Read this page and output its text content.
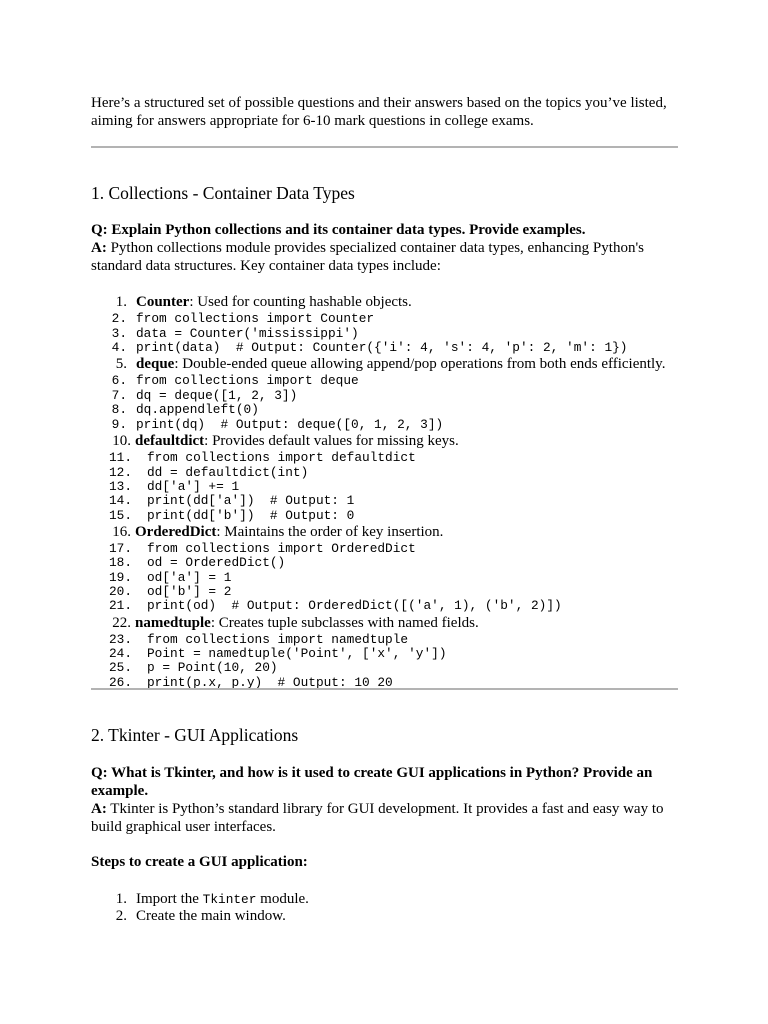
Here’s a structured set of possible questions and their answers based on the topics you’ve listed,
aiming for answers appropriate for 6-10 mark questions in college exams.
1. Collections - Container Data Types
Q: Explain Python collections and its container data types. Provide examples.
A: Python collections module provides specialized container data types, enhancing Python's
standard data structures. Key container data types include:
1. Counter: Used for counting hashable objects.
2. from collections import Counter
3. data = Counter('mississippi')
4. print(data)  # Output: Counter({'i': 4, 's': 4, 'p': 2, 'm': 1})
5. deque: Double-ended queue allowing append/pop operations from both ends efficiently.
6. from collections import deque
7. dq = deque([1, 2, 3])
8. dq.appendleft(0)
9. print(dq)  # Output: deque([0, 1, 2, 3])
10. defaultdict: Provides default values for missing keys.
11. from collections import defaultdict
12. dd = defaultdict(int)
13. dd['a'] += 1
14. print(dd['a'])  # Output: 1
15. print(dd['b'])  # Output: 0
16. OrderedDict: Maintains the order of key insertion.
17. from collections import OrderedDict
18. od = OrderedDict()
19. od['a'] = 1
20. od['b'] = 2
21. print(od)  # Output: OrderedDict([('a', 1), ('b', 2)])
22. namedtuple: Creates tuple subclasses with named fields.
23. from collections import namedtuple
24. Point = namedtuple('Point', ['x', 'y'])
25. p = Point(10, 20)
26. print(p.x, p.y)  # Output: 10 20
2. Tkinter - GUI Applications
Q: What is Tkinter, and how is it used to create GUI applications in Python? Provide an
example.
A: Tkinter is Python’s standard library for GUI development. It provides a fast and easy way to
build graphical user interfaces.
Steps to create a GUI application:
1. Import the Tkinter module.
2. Create the main window.
